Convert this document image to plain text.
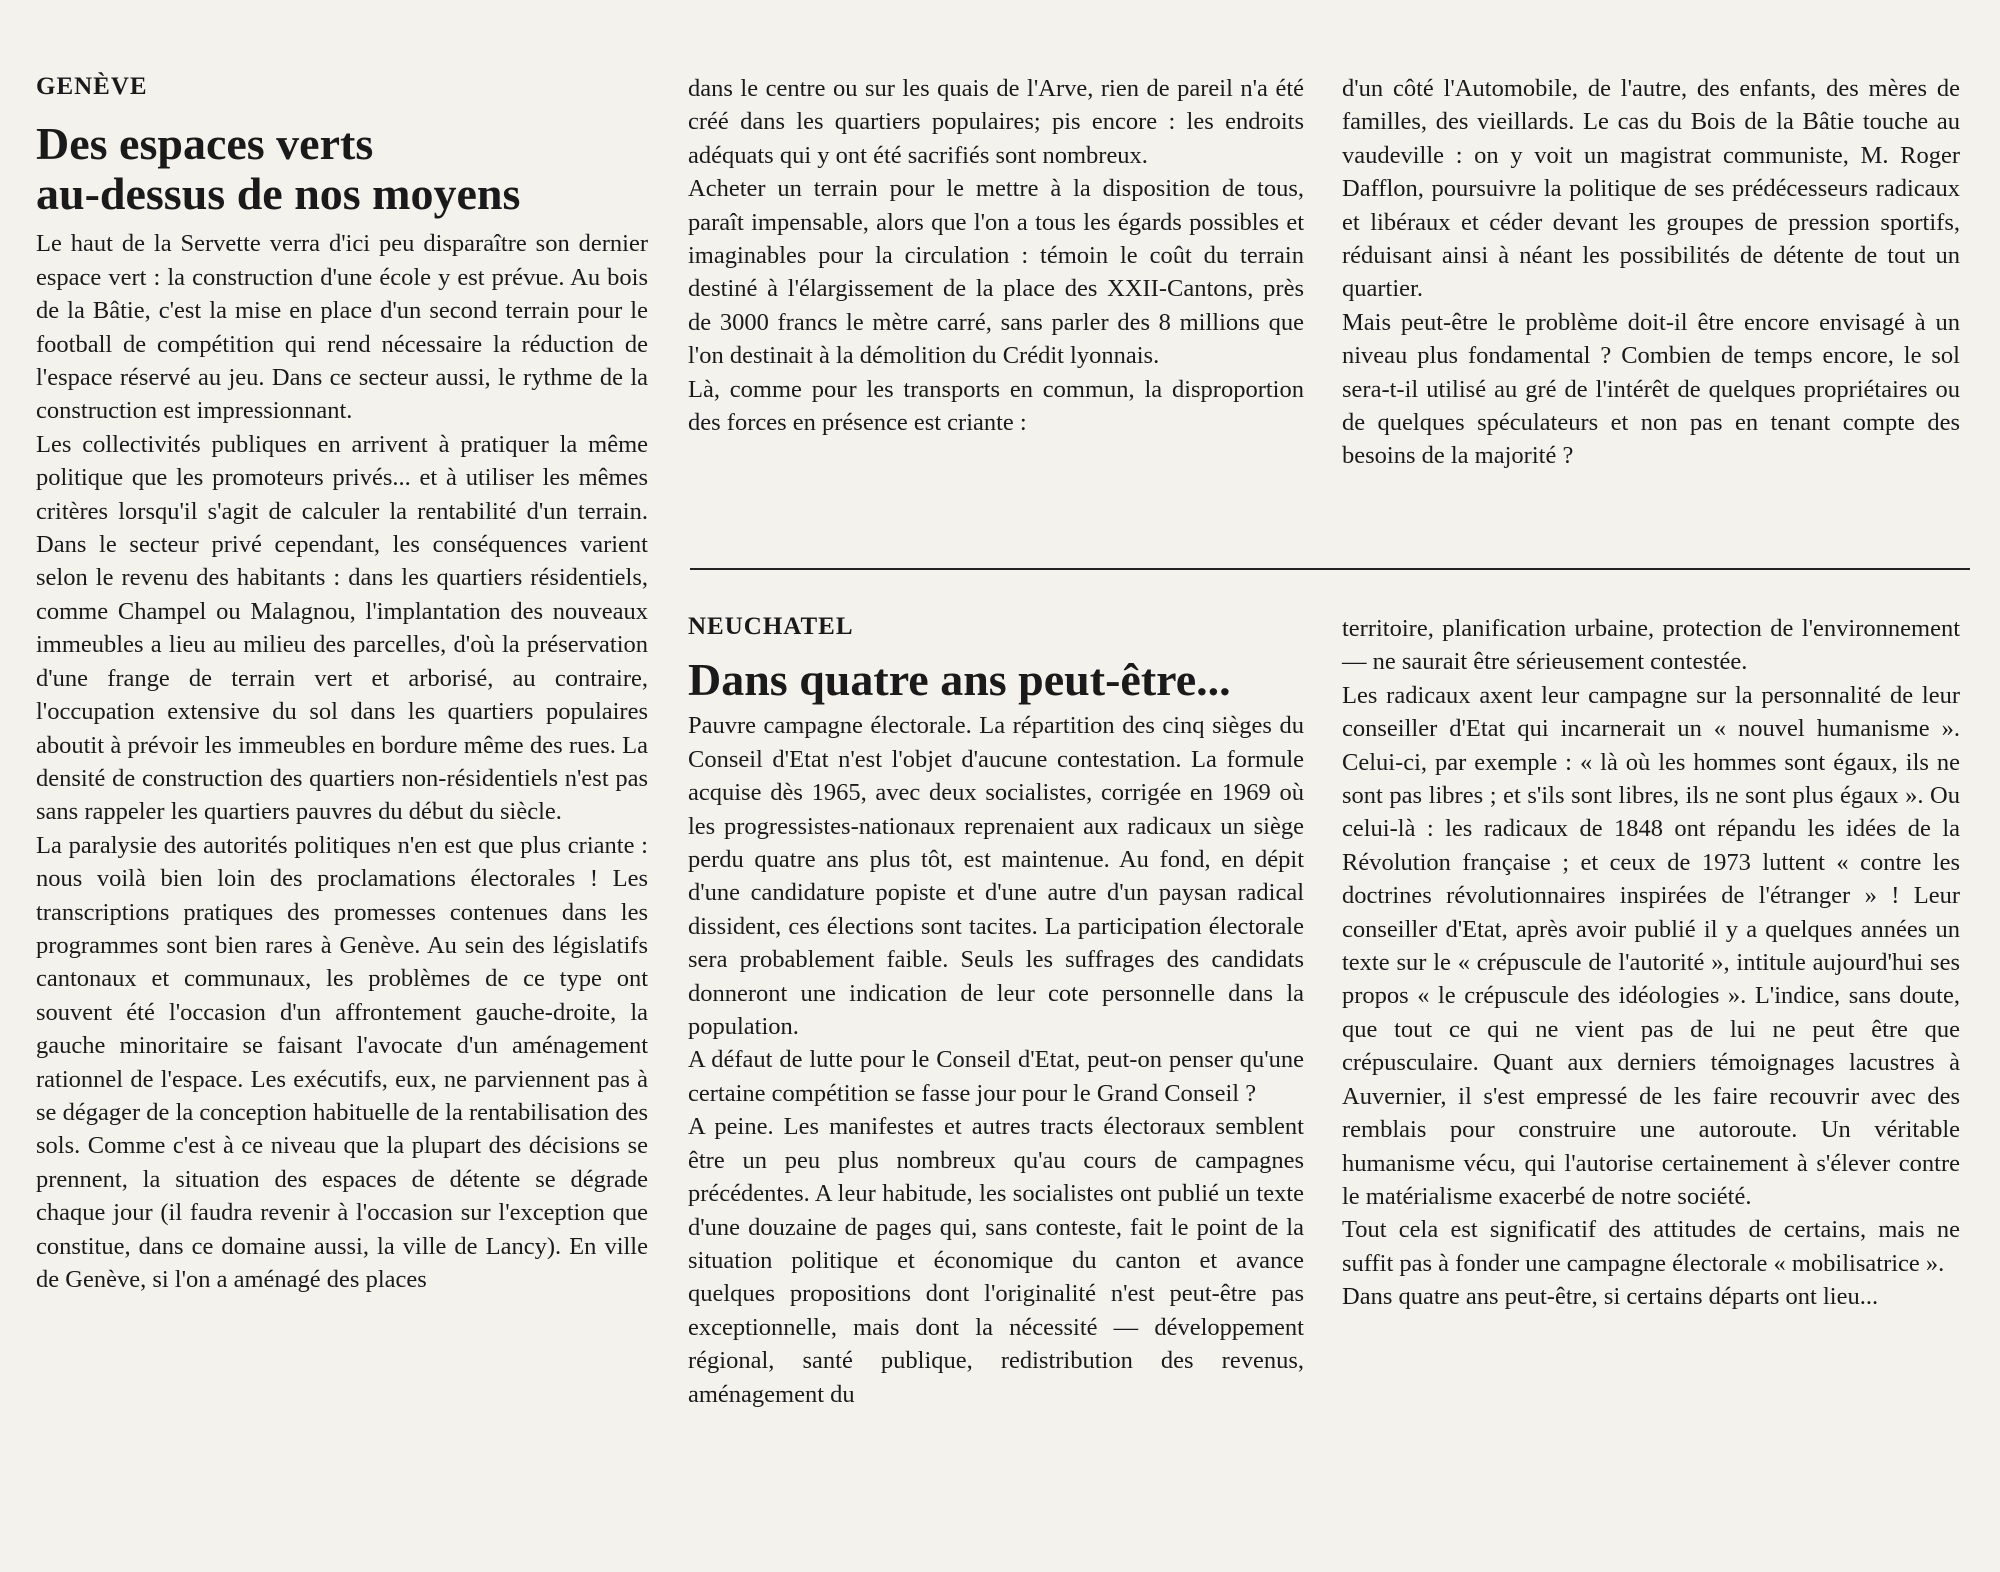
GENÈVE
Des espaces verts
au-dessus de nos moyens

Le haut de la Servette verra d'ici peu disparaître son dernier espace vert : la construction d'une école y est prévue. Au bois de la Bâtie, c'est la mise en place d'un second terrain pour le football de compétition qui rend nécessaire la réduction de l'espace réservé au jeu. Dans ce secteur aussi, le rythme de la construction est impressionnant.

Les collectivités publiques en arrivent à pratiquer la même politique que les promoteurs privés... et à utiliser les mêmes critères lorsqu'il s'agit de calculer la rentabilité d'un terrain. Dans le secteur privé cependant, les conséquences varient selon le revenu des habitants : dans les quartiers résidentiels, comme Champel ou Malagnou, l'implantation des nouveaux immeubles a lieu au milieu des parcelles, d'où la préservation d'une frange de terrain vert et arborisé, au contraire, l'occupation extensive du sol dans les quartiers populaires aboutit à prévoir les immeubles en bordure même des rues. La densité de construction des quartiers non-résidentiels n'est pas sans rappeler les quartiers pauvres du début du siècle.

La paralysie des autorités politiques n'en est que plus criante : nous voilà bien loin des proclamations électorales ! Les transcriptions pratiques des promesses contenues dans les programmes sont bien rares à Genève. Au sein des législatifs cantonaux et communaux, les problèmes de ce type ont souvent été l'occasion d'un affrontement gauche-droite, la gauche minoritaire se faisant l'avocate d'un aménagement rationnel de l'espace. Les exécutifs, eux, ne parviennent pas à se dégager de la conception habituelle de la rentabilisation des sols. Comme c'est à ce niveau que la plupart des décisions se prennent, la situation des espaces de détente se dégrade chaque jour (il faudra revenir à l'occasion sur l'exception que constitue, dans ce domaine aussi, la ville de Lancy). En ville de Genève, si l'on a aménagé des places

dans le centre ou sur les quais de l'Arve, rien de pareil n'a été créé dans les quartiers populaires; pis encore : les endroits adéquats qui y ont été sacrifiés sont nombreux.

Acheter un terrain pour le mettre à la disposition de tous, paraît impensable, alors que l'on a tous les égards possibles et imaginables pour la circulation : témoin le coût du terrain destiné à l'élargissement de la place des XXII-Cantons, près de 3000 francs le mètre carré, sans parler des 8 millions que l'on destinait à la démolition du Crédit lyonnais.

Là, comme pour les transports en commun, la disproportion des forces en présence est criante :

d'un côté l'Automobile, de l'autre, des enfants, des mères de familles, des vieillards. Le cas du Bois de la Bâtie touche au vaudeville : on y voit un magistrat communiste, M. Roger Dafflon, poursuivre la politique de ses prédécesseurs radicaux et libéraux et céder devant les groupes de pression sportifs, réduisant ainsi à néant les possibilités de détente de tout un quartier.

Mais peut-être le problème doit-il être encore envisagé à un niveau plus fondamental ? Combien de temps encore, le sol sera-t-il utilisé au gré de l'intérêt de quelques propriétaires ou de quelques spéculateurs et non pas en tenant compte des besoins de la majorité ?

NEUCHATEL
Dans quatre ans peut-être...

Pauvre campagne électorale. La répartition des cinq sièges du Conseil d'Etat n'est l'objet d'aucune contestation. La formule acquise dès 1965, avec deux socialistes, corrigée en 1969 où les progressistes-nationaux reprenaient aux radicaux un siège perdu quatre ans plus tôt, est maintenue. Au fond, en dépit d'une candidature popiste et d'une autre d'un paysan radical dissident, ces élections sont tacites. La participation électorale sera probablement faible. Seuls les suffrages des candidats donneront une indication de leur cote personnelle dans la population.

A défaut de lutte pour le Conseil d'Etat, peut-on penser qu'une certaine compétition se fasse jour pour le Grand Conseil ?

A peine. Les manifestes et autres tracts électoraux semblent être un peu plus nombreux qu'au cours de campagnes précédentes. A leur habitude, les socialistes ont publié un texte d'une douzaine de pages qui, sans conteste, fait le point de la situation politique et économique du canton et avance quelques propositions dont l'originalité n'est peut-être pas exceptionnelle, mais dont la nécessité — développement régional, santé publique, redistribution des revenus, aménagement du

territoire, planification urbaine, protection de l'environnement — ne saurait être sérieusement contestée.

Les radicaux axent leur campagne sur la personnalité de leur conseiller d'Etat qui incarnerait un « nouvel humanisme ». Celui-ci, par exemple : « là où les hommes sont égaux, ils ne sont pas libres ; et s'ils sont libres, ils ne sont plus égaux ». Ou celui-là : les radicaux de 1848 ont répandu les idées de la Révolution française ; et ceux de 1973 luttent « contre les doctrines révolutionnaires inspirées de l'étranger » ! Leur conseiller d'Etat, après avoir publié il y a quelques années un texte sur le « crépuscule de l'autorité », intitule aujourd'hui ses propos « le crépuscule des idéologies ». L'indice, sans doute, que tout ce qui ne vient pas de lui ne peut être que crépusculaire. Quant aux derniers témoignages lacustres à Auvernier, il s'est empressé de les faire recouvrir avec des remblais pour construire une autoroute. Un véritable humanisme vécu, qui l'autorise certainement à s'élever contre le matérialisme exacerbé de notre société.

Tout cela est significatif des attitudes de certains, mais ne suffit pas à fonder une campagne électorale « mobilisatrice ».

Dans quatre ans peut-être, si certains départs ont lieu...
